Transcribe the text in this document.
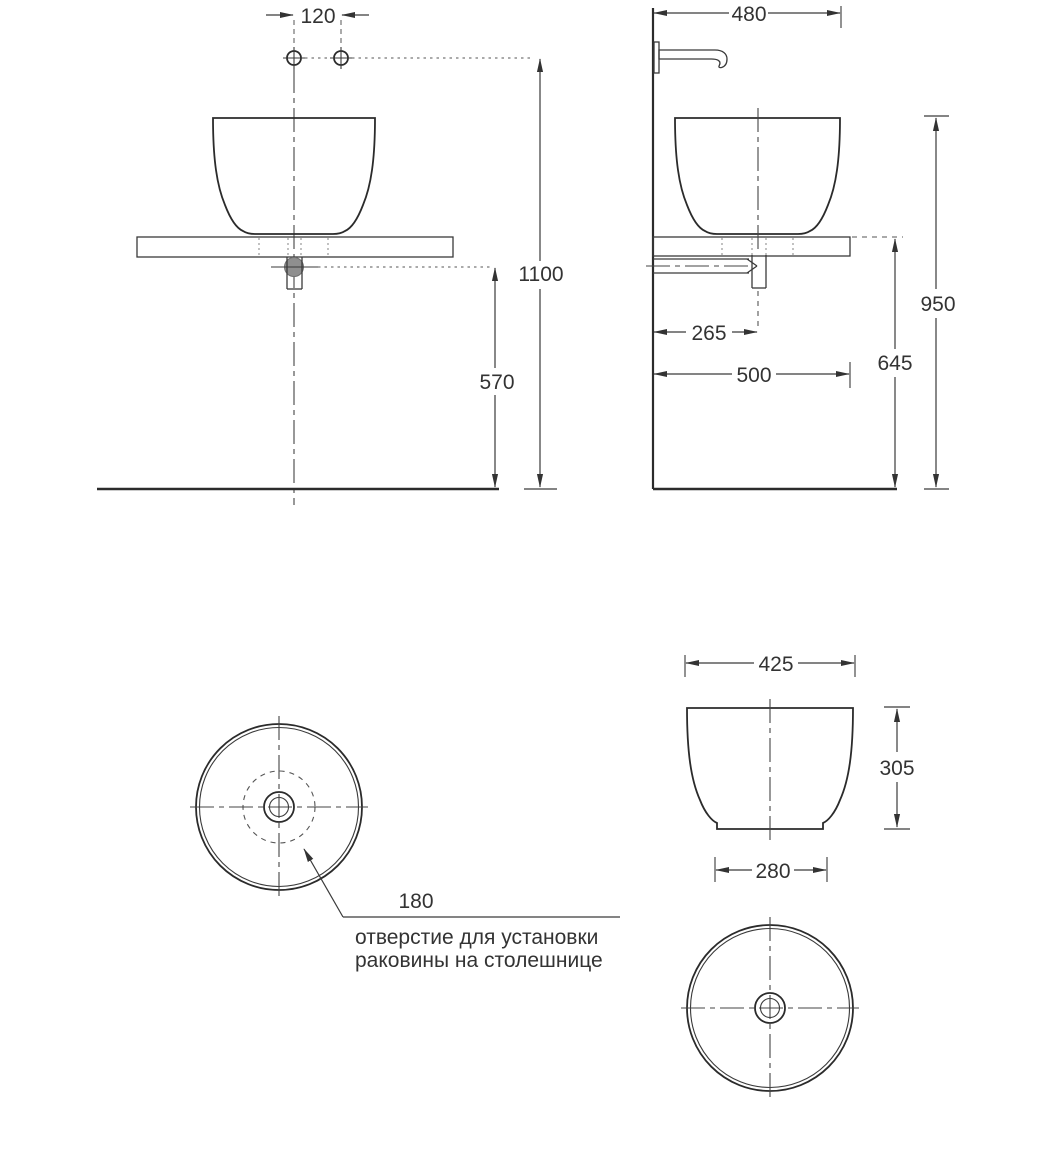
120
570
1100
480
265
500
645
950
180
отверстие для установки
раковины на столешнице
425
305
280
